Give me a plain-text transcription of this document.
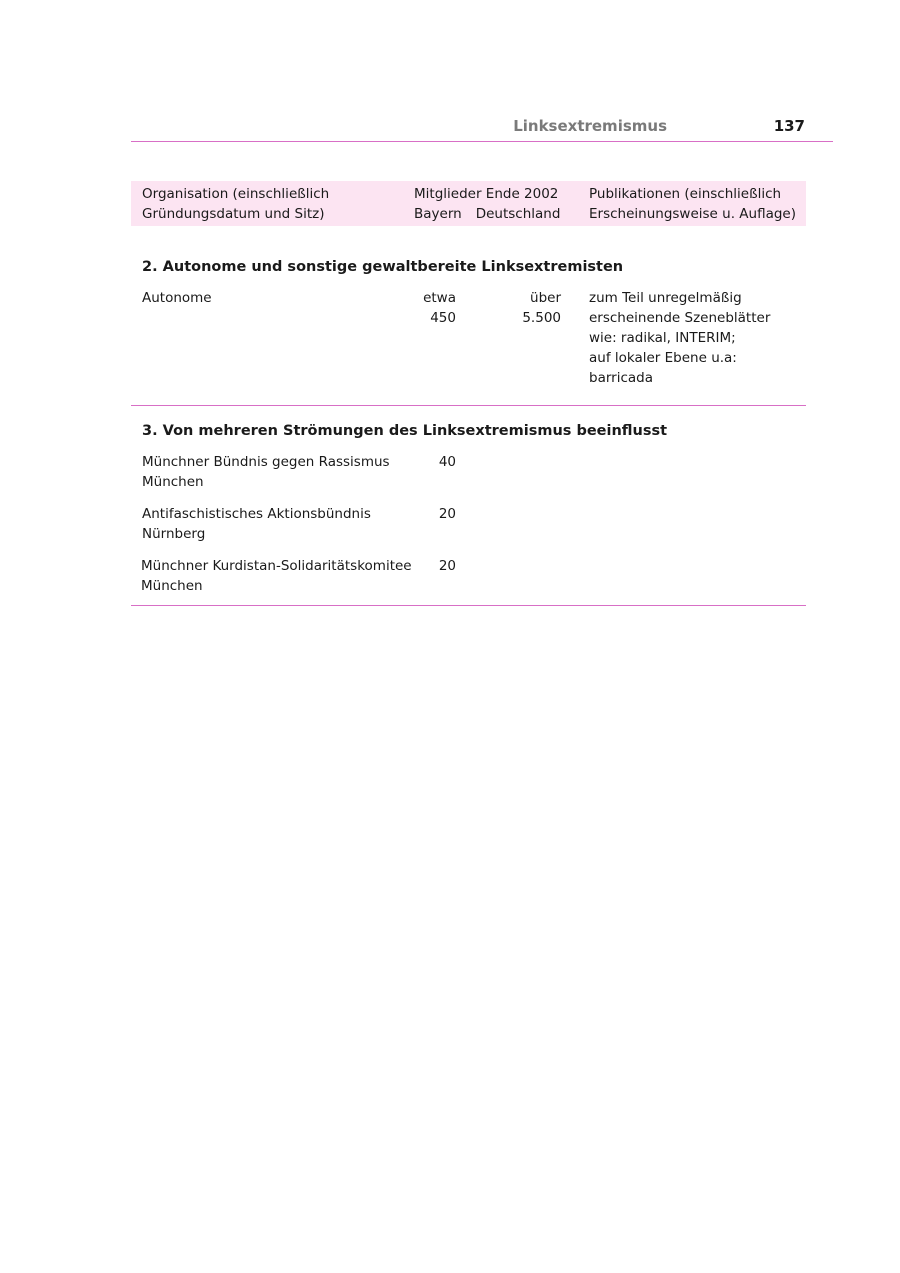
Linksextremismus	137
Organisation (einschließlich
Gründungsdatum und Sitz)
Mitglieder Ende 2002
Bayern Deutschland
Publikationen (einschließlich
Erscheinungsweise u. Auflage)
2. Autonome und sonstige gewaltbereite Linksextremisten
Autonome	etwa
450
über
5.500
zum Teil unregelmäßig
erscheinende Szeneblätter
wie: radikal, INTERIM;
auf lokaler Ebene u.a:
barricada
3. Von mehreren Strömungen des Linksextremismus beeinflusst
Münchner Bündnis gegen Rassismus
München
40
Antifaschistisches Aktionsbündnis
Nürnberg
20
Münchner Kurdistan-Solidaritätskomitee
München
20
